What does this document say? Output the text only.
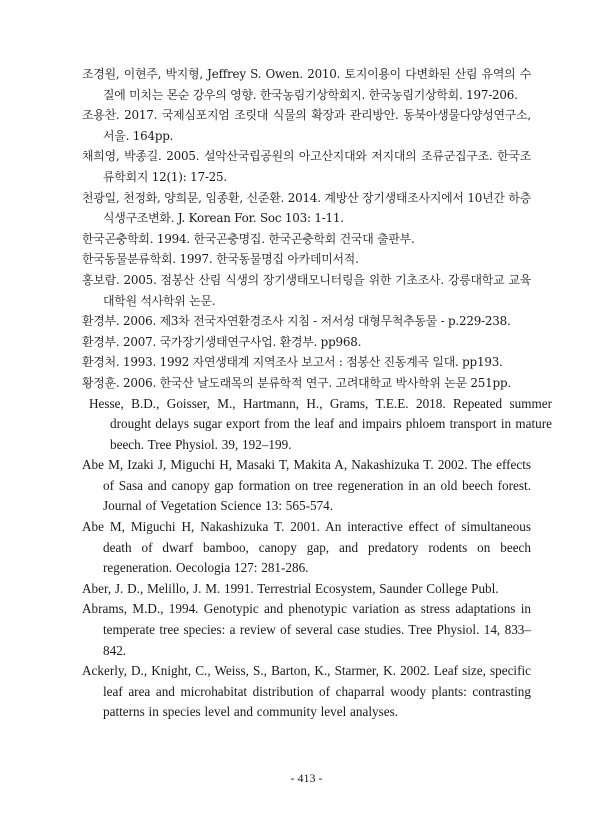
조경원, 이현주, 박지형, Jeffrey S. Owen. 2010. 토지이용이 다변화된 산림 유역의 수질에 미치는 몬순 강우의 영향. 한국농림기상학회지. 한국농림기상학회. 197-206.

조용찬. 2017. 국제심포지엄 조릿대 식물의 확장과 관리방안. 동북아생물다양성연구소, 서울. 164pp.

채희영, 박종길. 2005. 설악산국립공원의 아고산지대와 저지대의 조류군집구조. 한국조류학회지 12(1): 17-25.

천광일, 천정화, 양희문, 임종환, 신준환. 2014. 계방산 장기생태조사지에서 10년간 하층식생구조변화. J. Korean For. Soc 103: 1-11.

한국곤충학회. 1994. 한국곤충명집. 한국곤충학회 건국대 출판부.

한국동물분류학회. 1997. 한국동물명집 아카데미서적.

홍보람. 2005. 점봉산 산림 식생의 장기생태모니터링을 위한 기초조사. 강릉대학교 교육대학원 석사학위 논문.

환경부. 2006. 제3차 전국자연환경조사 지침 - 저서성 대형무척추동물 - p.229-238.

환경부. 2007. 국가장기생태연구사업. 환경부. pp968.

환경처. 1993. 1992 자연생태계 지역조사 보고서 : 점봉산 진동계곡 일대. pp193.

황정훈. 2006. 한국산 날도래목의 분류학적 연구. 고려대학교 박사학위 논문 251pp.

Hesse, B.D., Goisser, M., Hartmann, H., Grams, T.E.E. 2018. Repeated summer drought delays sugar export from the leaf and impairs phloem transport in mature beech. Tree Physiol. 39, 192–199.

Abe M, Izaki J, Miguchi H, Masaki T, Makita A, Nakashizuka T. 2002. The effects of Sasa and canopy gap formation on tree regeneration in an old beech forest. Journal of Vegetation Science 13: 565-574.

Abe M, Miguchi H, Nakashizuka T. 2001. An interactive effect of simultaneous death of dwarf bamboo, canopy gap, and predatory rodents on beech regeneration. Oecologia 127: 281-286.

Aber, J. D., Melillo, J. M. 1991. Terrestrial Ecosystem, Saunder College Publ.

Abrams, M.D., 1994. Genotypic and phenotypic variation as stress adaptations in temperate tree species: a review of several case studies. Tree Physiol. 14, 833–842.

Ackerly, D., Knight, C., Weiss, S., Barton, K., Starmer, K. 2002. Leaf size, specific leaf area and microhabitat distribution of chaparral woody plants: contrasting patterns in species level and community level analyses.

- 413 -
